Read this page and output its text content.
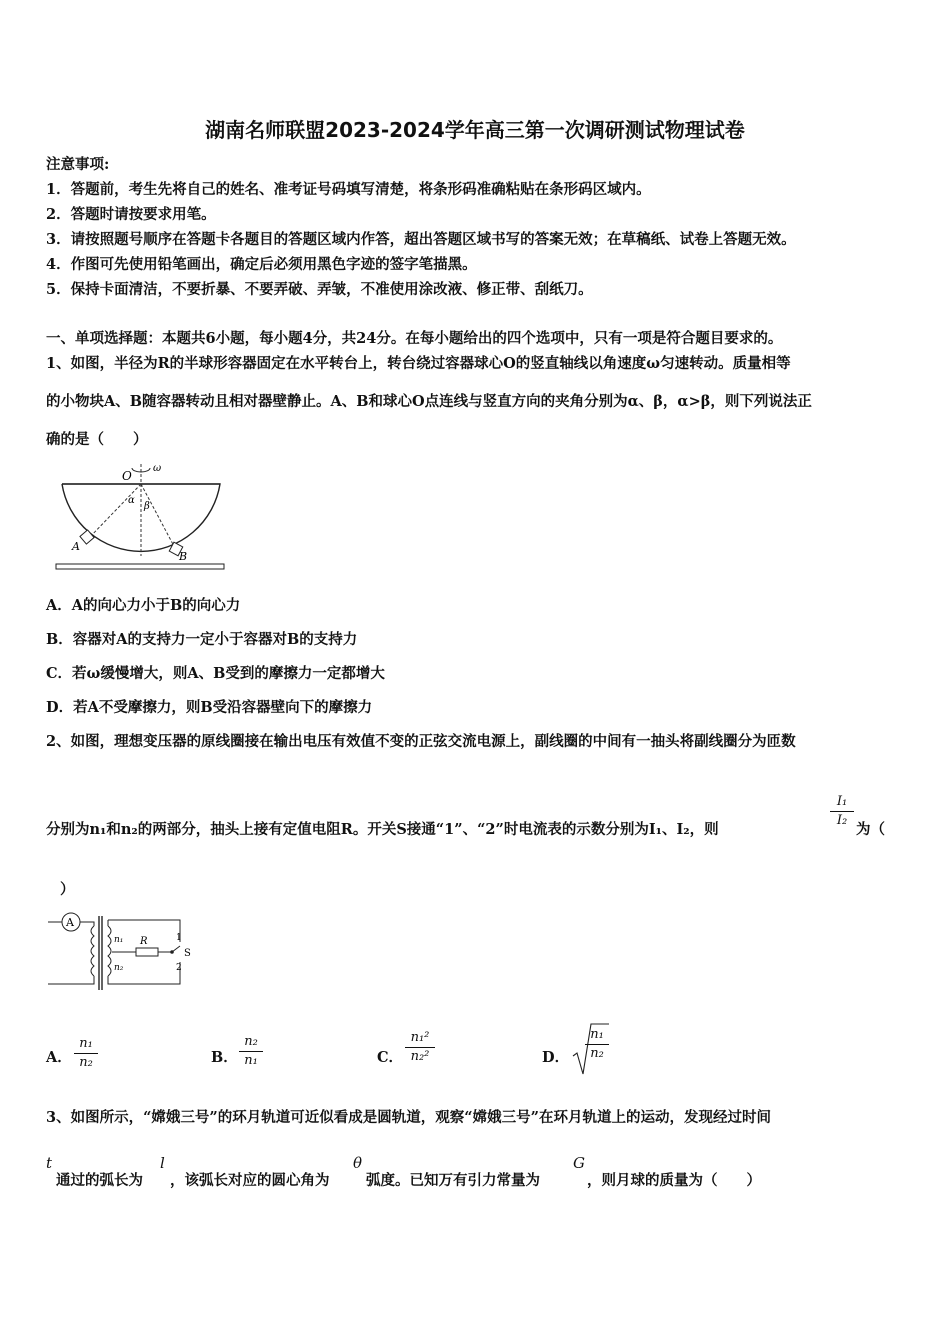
湖南名师联盟2023-2024学年高三第一次调研测试物理试卷
注意事项:
1．答题前，考生先将自己的姓名、准考证号码填写清楚，将条形码准确粘贴在条形码区域内。
2．答题时请按要求用笔。
3．请按照题号顺序在答题卡各题目的答题区域内作答，超出答题区域书写的答案无效；在草稿纸、试卷上答题无效。
4．作图可先使用铅笔画出，确定后必须用黑色字迹的签字笔描黑。
5．保持卡面清洁，不要折暴、不要弄破、弄皱，不准使用涂改液、修正带、刮纸刀。
一、单项选择题：本题共6小题，每小题4分，共24分。在每小题给出的四个选项中，只有一项是符合题目要求的。
1、如图，半径为R的半球形容器固定在水平转台上，转台绕过容器球心O的竖直轴线以角速度ω匀速转动。质量相等
的小物块A、B随容器转动且相对器壁静止。A、B和球心O点连线与竖直方向的夹角分别为α、β，α>β，则下列说法正
确的是（　　）
O
ω
α
β
A
B
A．A的向心力小于B的向心力
B．容器对A的支持力一定小于容器对B的支持力
C．若ω缓慢增大，则A、B受到的摩擦力一定都增大
D．若A不受摩擦力，则B受沿容器壁向下的摩擦力
2、如图，理想变压器的原线圈接在输出电压有效值不变的正弦交流电源上，副线圈的中间有一抽头将副线圈分为匝数
分别为n₁和n₂的两部分，抽头上接有定值电阻R。开关S接通“1”、“2”时电流表的示数分别为I₁、I₂，则
I₁
I₂
为（
）
A
n₁
n₂
R
S
1
2
A．
n₁
n₂	B．
n₂
n₁	C．
n₁²
n₂²	D．
n₁
n₂
3、如图所示，“嫦娥三号”的环月轨道可近似看成是圆轨道，观察“嫦娥三号”在环月轨道上的运动，发现经过时间
t
通过的弧长为
l
，该弧长对应的圆心角为
θ
弧度。已知万有引力常量为
G
，则月球的质量为（　　）
